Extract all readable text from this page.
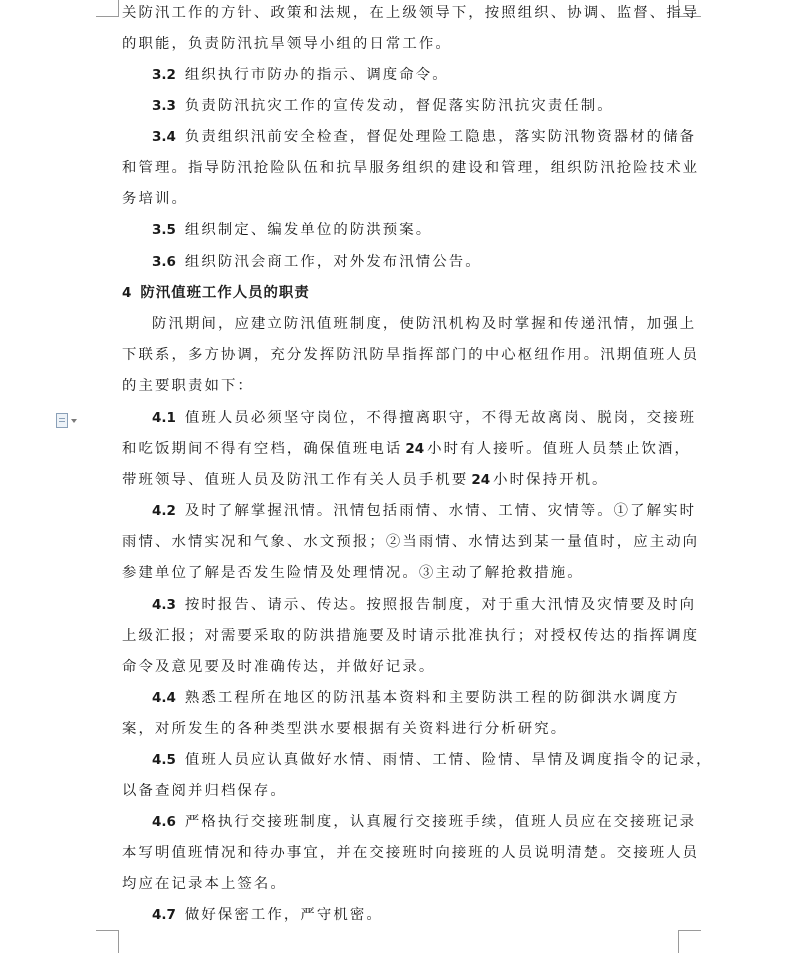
关防汛工作的方针、政策和法规，在上级领导下，按照组织、协调、监督、指导
的职能，负责防汛抗旱领导小组的日常工作。
3.2 组织执行市防办的指示、调度命令。
3.3 负责防汛抗灾工作的宣传发动，督促落实防汛抗灾责任制。
3.4 负责组织汛前安全检查，督促处理险工隐患，落实防汛物资器材的储备
和管理。指导防汛抢险队伍和抗旱服务组织的建设和管理，组织防汛抢险技术业
务培训。
3.5 组织制定、编发单位的防洪预案。
3.6 组织防汛会商工作，对外发布汛情公告。
4 防汛值班工作人员的职责
防汛期间，应建立防汛值班制度，使防汛机构及时掌握和传递汛情，加强上
下联系，多方协调，充分发挥防汛防旱指挥部门的中心枢纽作用。汛期值班人员
的主要职责如下：
4.1 值班人员必须坚守岗位，不得擅离职守，不得无故离岗、脱岗，交接班
和吃饭期间不得有空档，确保值班电话 24 小时有人接听。值班人员禁止饮酒，
带班领导、值班人员及防汛工作有关人员手机要 24 小时保持开机。
4.2 及时了解掌握汛情。汛情包括雨情、水情、工情、灾情等。①了解实时
雨情、水情实况和气象、水文预报；②当雨情、水情达到某一量值时，应主动向
参建单位了解是否发生险情及处理情况。③主动了解抢救措施。
4.3 按时报告、请示、传达。按照报告制度，对于重大汛情及灾情要及时向
上级汇报；对需要采取的防洪措施要及时请示批准执行；对授权传达的指挥调度
命令及意见要及时准确传达，并做好记录。
4.4 熟悉工程所在地区的防汛基本资料和主要防洪工程的防御洪水调度方
案，对所发生的各种类型洪水要根据有关资料进行分析研究。
4.5 值班人员应认真做好水情、雨情、工情、险情、旱情及调度指令的记录，
以备查阅并归档保存。
4.6 严格执行交接班制度，认真履行交接班手续，值班人员应在交接班记录
本写明值班情况和待办事宜，并在交接班时向接班的人员说明清楚。交接班人员
均应在记录本上签名。
4.7 做好保密工作，严守机密。
